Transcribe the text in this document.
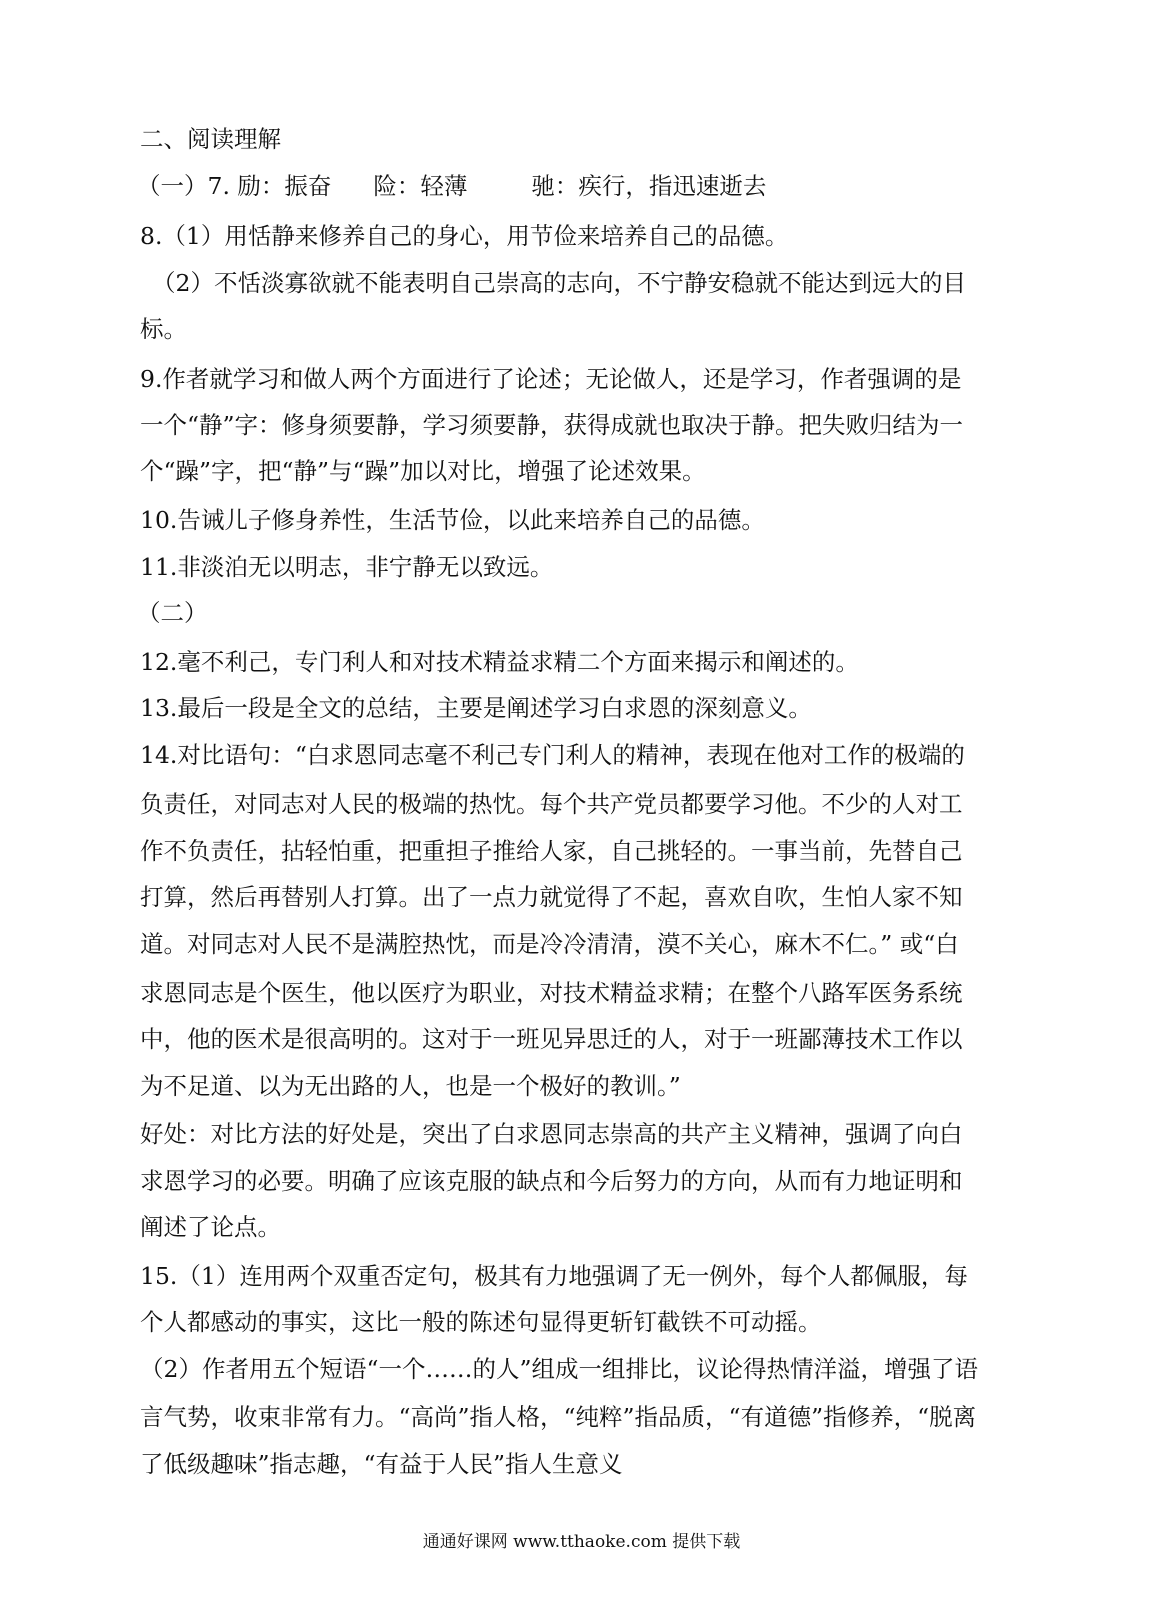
二、阅读理解
（一）7. 励：振奋 险：轻薄	驰：疾行，指迅速逝去
8.（1）用恬静来修养自己的身心，用节俭来培养自己的品德。
（2）不恬淡寡欲就不能表明自己崇高的志向，不宁静安稳就不能达到远大的目
标。
9.作者就学习和做人两个方面进行了论述；无论做人，还是学习，作者强调的是
一个“静”字：修身须要静，学习须要静，获得成就也取决于静。把失败归结为一
个“躁”字，把“静”与“躁”加以对比，增强了论述效果。
10.告诫儿子修身养性，生活节俭，以此来培养自己的品德。
11.非淡泊无以明志，非宁静无以致远。
（二）
12.毫不利己，专门利人和对技术精益求精二个方面来揭示和阐述的。
13.最后一段是全文的总结，主要是阐述学习白求恩的深刻意义。
14.对比语句：“白求恩同志毫不利己专门利人的精神，表现在他对工作的极端的
负责任，对同志对人民的极端的热忱。每个共产党员都要学习他。不少的人对工
作不负责任，拈轻怕重，把重担子推给人家，自己挑轻的。一事当前，先替自己
打算，然后再替别人打算。出了一点力就觉得了不起，喜欢自吹，生怕人家不知
道。对同志对人民不是满腔热忱，而是冷冷清清，漠不关心，麻木不仁。” 或“白
求恩同志是个医生，他以医疗为职业，对技术精益求精；在整个八路军医务系统
中，他的医术是很高明的。这对于一班见异思迁的人，对于一班鄙薄技术工作以
为不足道、以为无出路的人，也是一个极好的教训。”
好处：对比方法的好处是，突出了白求恩同志崇高的共产主义精神，强调了向白
求恩学习的必要。明确了应该克服的缺点和今后努力的方向，从而有力地证明和
阐述了论点。
15.（1）连用两个双重否定句，极其有力地强调了无一例外，每个人都佩服，每
个人都感动的事实，这比一般的陈述句显得更斩钉截铁不可动摇。
（2）作者用五个短语“一个……的人”组成一组排比，议论得热情洋溢，增强了语
言气势，收束非常有力。“高尚”指人格，“纯粹”指品质，“有道德”指修养，“脱离
了低级趣味”指志趣，“有益于人民”指人生意义
通通好课网 www.tthaoke.com 提供下载
